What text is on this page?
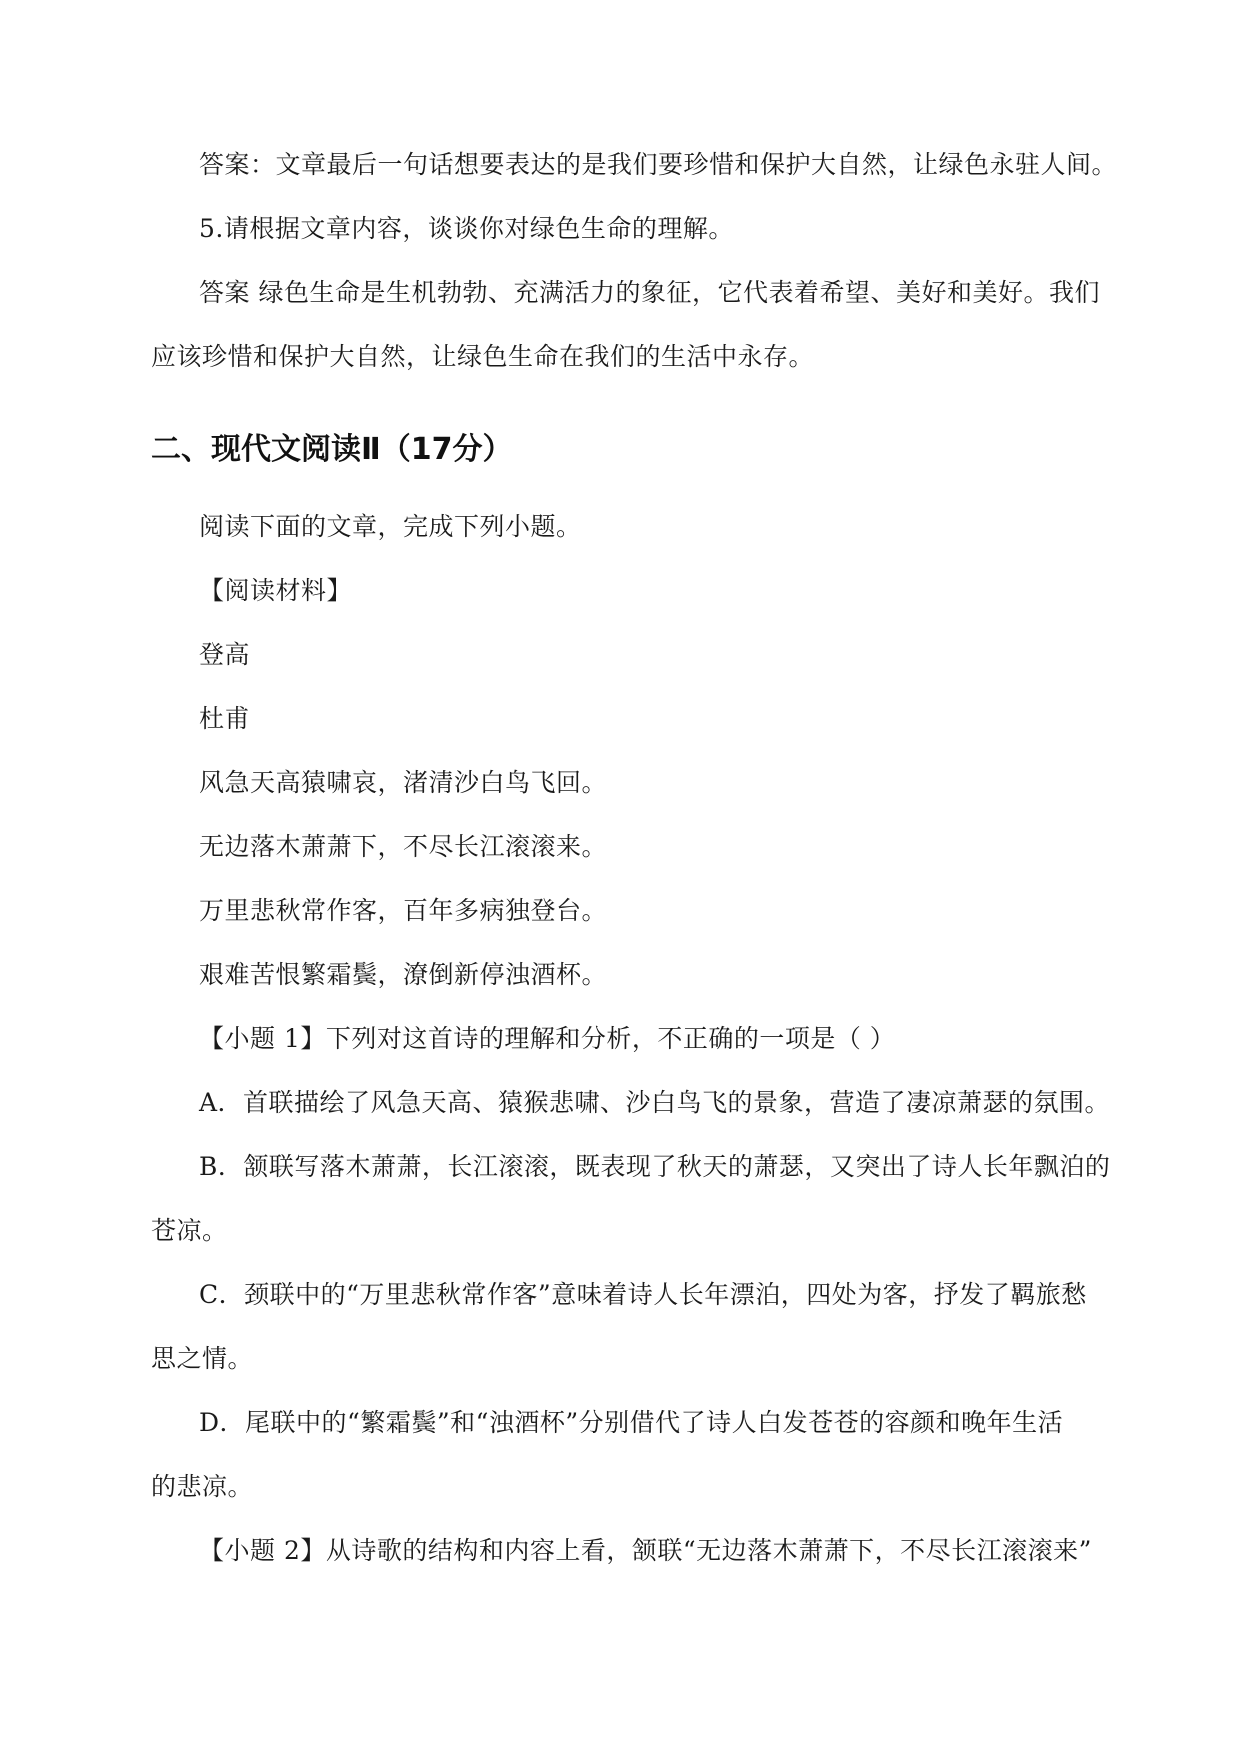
答案：文章最后一句话想要表达的是我们要珍惜和保护大自然，让绿色永驻人间。
5.请根据文章内容，谈谈你对绿色生命的理解。
答案 绿色生命是生机勃勃、充满活力的象征，它代表着希望、美好和美好。我们
应该珍惜和保护大自然，让绿色生命在我们的生活中永存。
二、现代文阅读Ⅱ（17分）
阅读下面的文章，完成下列小题。
【阅读材料】
登高
杜甫
风急天高猿啸哀，渚清沙白鸟飞回。
无边落木萧萧下，不尽长江滚滚来。
万里悲秋常作客，百年多病独登台。
艰难苦恨繁霜鬓，潦倒新停浊酒杯。
【小题 1】下列对这首诗的理解和分析，不正确的一项是（ ）
A．首联描绘了风急天高、猿猴悲啸、沙白鸟飞的景象，营造了凄凉萧瑟的氛围。
B．颔联写落木萧萧，长江滚滚，既表现了秋天的萧瑟，又突出了诗人长年飘泊的
苍凉。
C．颈联中的“万里悲秋常作客”意味着诗人长年漂泊，四处为客，抒发了羁旅愁
思之情。
D．尾联中的“繁霜鬓”和“浊酒杯”分别借代了诗人白发苍苍的容颜和晚年生活
的悲凉。
【小题 2】从诗歌的结构和内容上看，颔联“无边落木萧萧下，不尽长江滚滚来”
